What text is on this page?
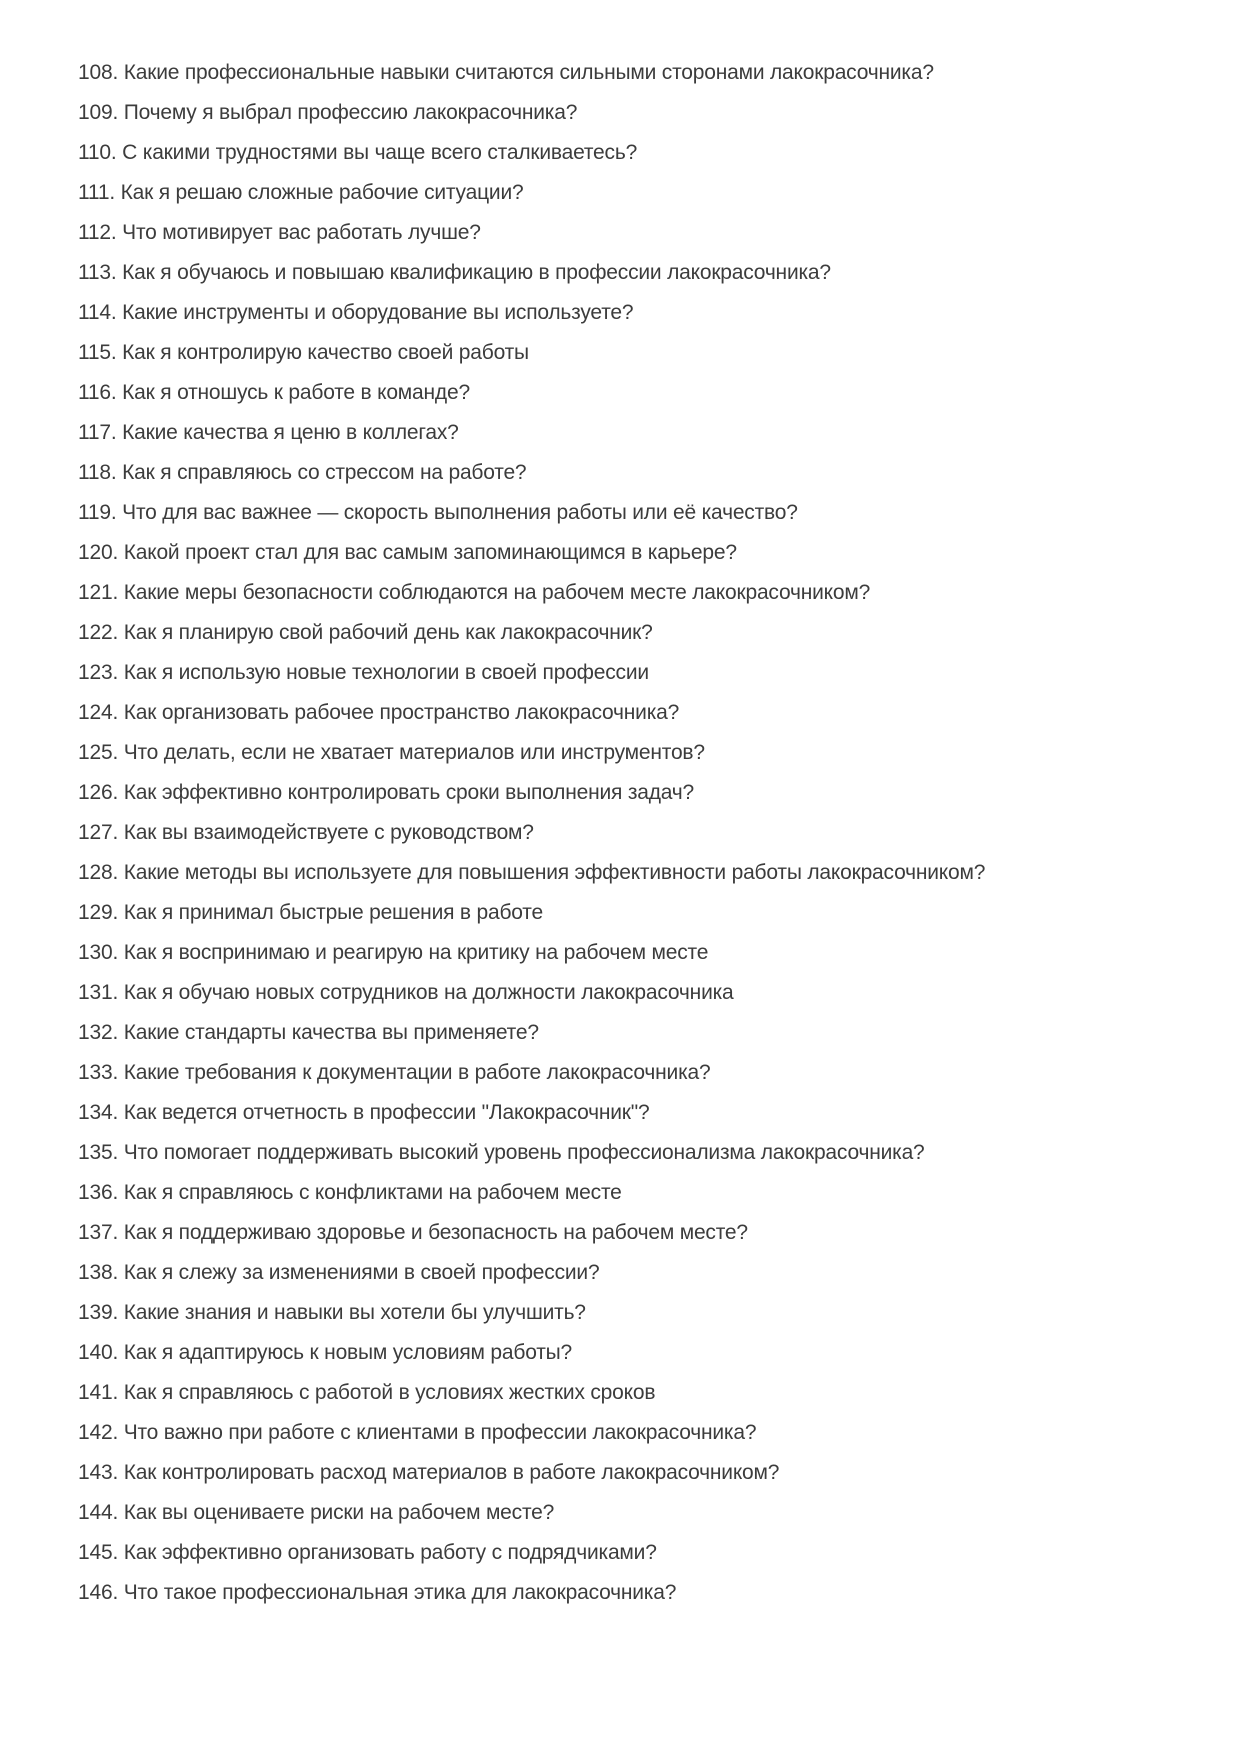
108. Какие профессиональные навыки считаются сильными сторонами лакокрасочника?

109. Почему я выбрал профессию лакокрасочника?

110. С какими трудностями вы чаще всего сталкиваетесь?

111. Как я решаю сложные рабочие ситуации?

112. Что мотивирует вас работать лучше?

113. Как я обучаюсь и повышаю квалификацию в профессии лакокрасочника?

114. Какие инструменты и оборудование вы используете?

115. Как я контролирую качество своей работы

116. Как я отношусь к работе в команде?

117. Какие качества я ценю в коллегах?

118. Как я справляюсь со стрессом на работе?

119. Что для вас важнее — скорость выполнения работы или её качество?

120. Какой проект стал для вас самым запоминающимся в карьере?

121. Какие меры безопасности соблюдаются на рабочем месте лакокрасочником?

122. Как я планирую свой рабочий день как лакокрасочник?

123. Как я использую новые технологии в своей профессии

124. Как организовать рабочее пространство лакокрасочника?

125. Что делать, если не хватает материалов или инструментов?

126. Как эффективно контролировать сроки выполнения задач?

127. Как вы взаимодействуете с руководством?

128. Какие методы вы используете для повышения эффективности работы лакокрасочником?

129. Как я принимал быстрые решения в работе

130. Как я воспринимаю и реагирую на критику на рабочем месте

131. Как я обучаю новых сотрудников на должности лакокрасочника

132. Какие стандарты качества вы применяете?

133. Какие требования к документации в работе лакокрасочника?

134. Как ведется отчетность в профессии "Лакокрасочник"?

135. Что помогает поддерживать высокий уровень профессионализма лакокрасочника?

136. Как я справляюсь с конфликтами на рабочем месте

137. Как я поддерживаю здоровье и безопасность на рабочем месте?

138. Как я слежу за изменениями в своей профессии?

139. Какие знания и навыки вы хотели бы улучшить?

140. Как я адаптируюсь к новым условиям работы?

141. Как я справляюсь с работой в условиях жестких сроков

142. Что важно при работе с клиентами в профессии лакокрасочника?

143. Как контролировать расход материалов в работе лакокрасочником?

144. Как вы оцениваете риски на рабочем месте?

145. Как эффективно организовать работу с подрядчиками?

146. Что такое профессиональная этика для лакокрасочника?
